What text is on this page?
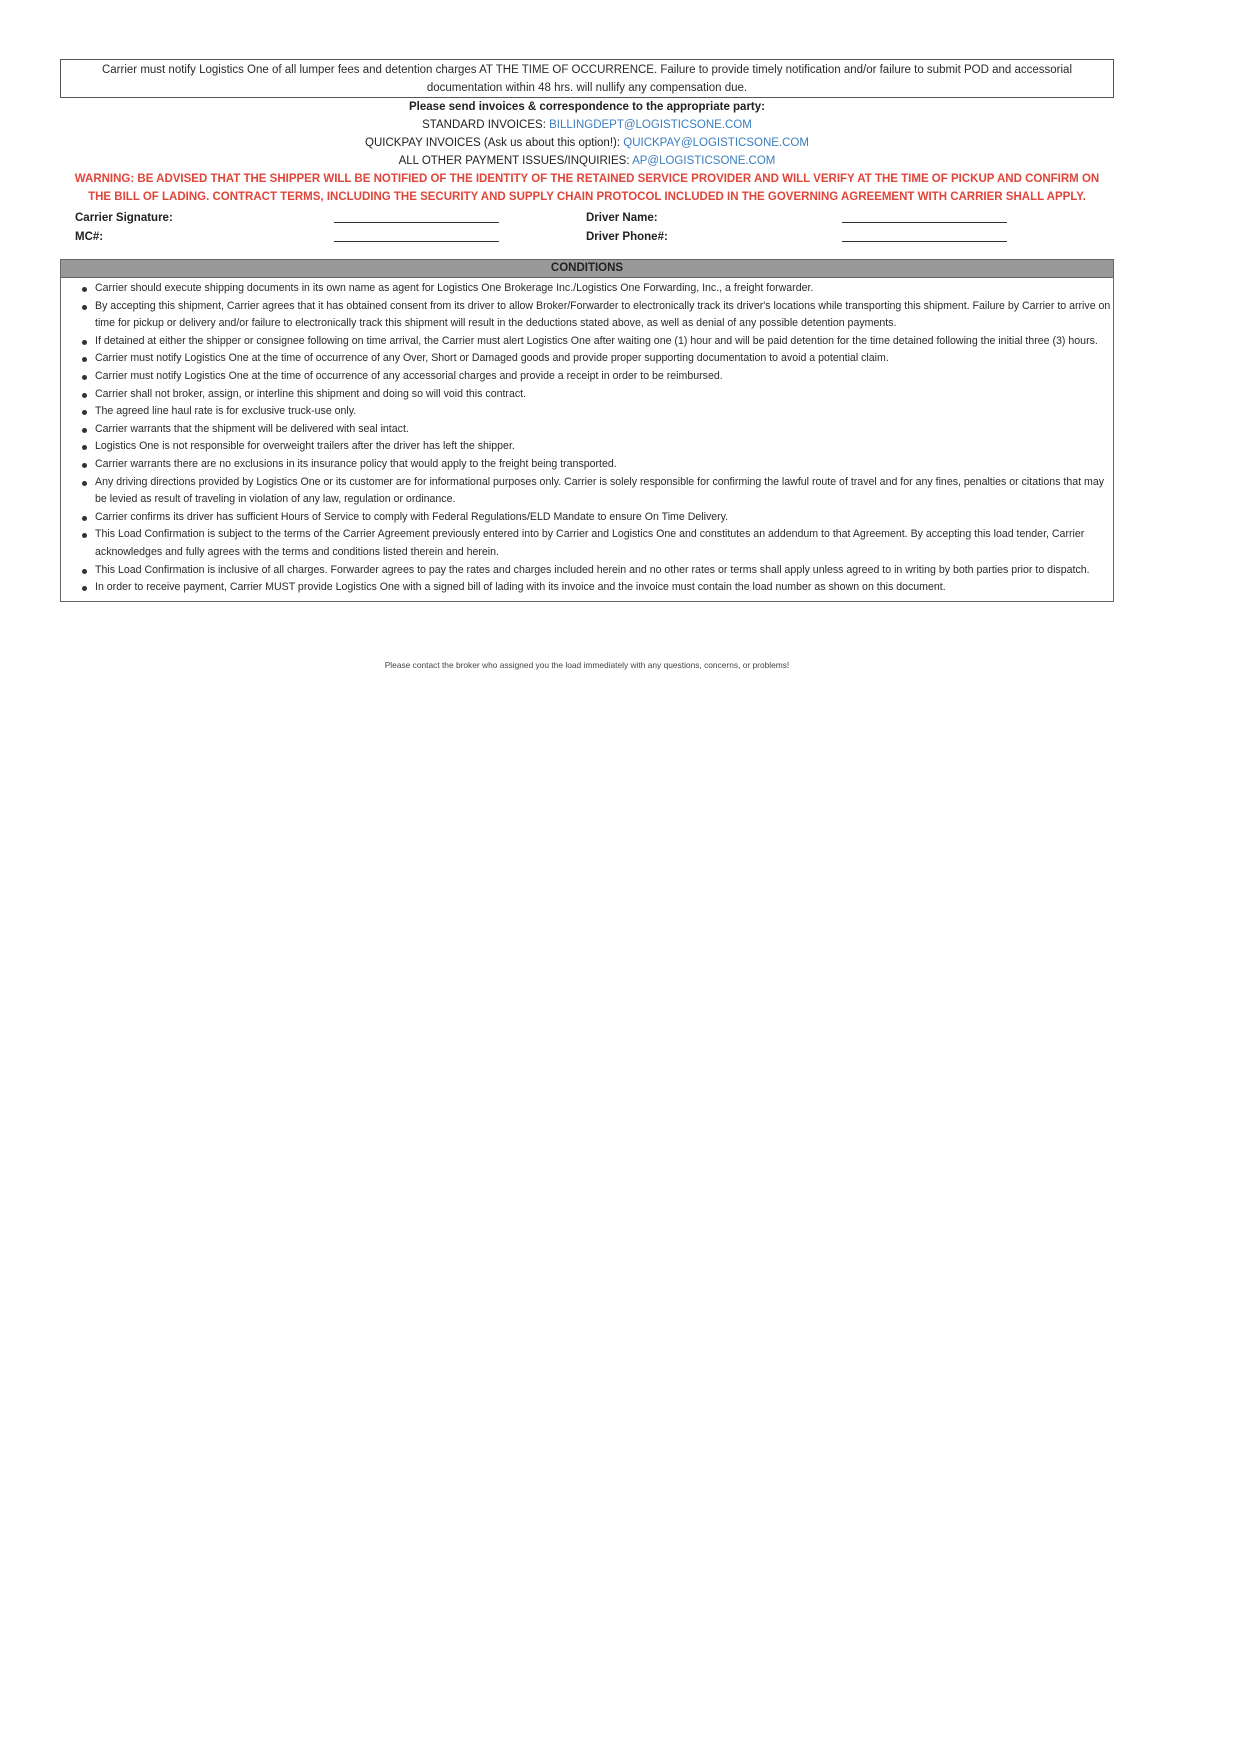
Carrier must notify Logistics One of all lumper fees and detention charges AT THE TIME OF OCCURRENCE. Failure to provide timely notification and/or failure to submit POD and accessorial documentation within 48 hrs. will nullify any compensation due.
Please send invoices & correspondence to the appropriate party:
STANDARD INVOICES: BILLINGDEPT@LOGISTICSONE.COM
QUICKPAY INVOICES (Ask us about this option!): QUICKPAY@LOGISTICSONE.COM
ALL OTHER PAYMENT ISSUES/INQUIRIES: AP@LOGISTICSONE.COM
WARNING: BE ADVISED THAT THE SHIPPER WILL BE NOTIFIED OF THE IDENTITY OF THE RETAINED SERVICE PROVIDER AND WILL VERIFY AT THE TIME OF PICKUP AND CONFIRM ON THE BILL OF LADING. CONTRACT TERMS, INCLUDING THE SECURITY AND SUPPLY CHAIN PROTOCOL INCLUDED IN THE GOVERNING AGREEMENT WITH CARRIER SHALL APPLY.
Carrier Signature:	Driver Name:
MC#:	Driver Phone#:
CONDITIONS
Carrier should execute shipping documents in its own name as agent for Logistics One Brokerage Inc./Logistics One Forwarding, Inc., a freight forwarder.
By accepting this shipment, Carrier agrees that it has obtained consent from its driver to allow Broker/Forwarder to electronically track its driver's locations while transporting this shipment. Failure by Carrier to arrive on time for pickup or delivery and/or failure to electronically track this shipment will result in the deductions stated above, as well as denial of any possible detention payments.
If detained at either the shipper or consignee following on time arrival, the Carrier must alert Logistics One after waiting one (1) hour and will be paid detention for the time detained following the initial three (3) hours.
Carrier must notify Logistics One at the time of occurrence of any Over, Short or Damaged goods and provide proper supporting documentation to avoid a potential claim.
Carrier must notify Logistics One at the time of occurrence of any accessorial charges and provide a receipt in order to be reimbursed.
Carrier shall not broker, assign, or interline this shipment and doing so will void this contract.
The agreed line haul rate is for exclusive truck-use only.
Carrier warrants that the shipment will be delivered with seal intact.
Logistics One is not responsible for overweight trailers after the driver has left the shipper.
Carrier warrants there are no exclusions in its insurance policy that would apply to the freight being transported.
Any driving directions provided by Logistics One or its customer are for informational purposes only. Carrier is solely responsible for confirming the lawful route of travel and for any fines, penalties or citations that may be levied as result of traveling in violation of any law, regulation or ordinance.
Carrier confirms its driver has sufficient Hours of Service to comply with Federal Regulations/ELD Mandate to ensure On Time Delivery.
This Load Confirmation is subject to the terms of the Carrier Agreement previously entered into by Carrier and Logistics One and constitutes an addendum to that Agreement. By accepting this load tender, Carrier acknowledges and fully agrees with the terms and conditions listed therein and herein.
This Load Confirmation is inclusive of all charges. Forwarder agrees to pay the rates and charges included herein and no other rates or terms shall apply unless agreed to in writing by both parties prior to dispatch.
In order to receive payment, Carrier MUST provide Logistics One with a signed bill of lading with its invoice and the invoice must contain the load number as shown on this document.
Please contact the broker who assigned you the load immediately with any questions, concerns, or problems!
